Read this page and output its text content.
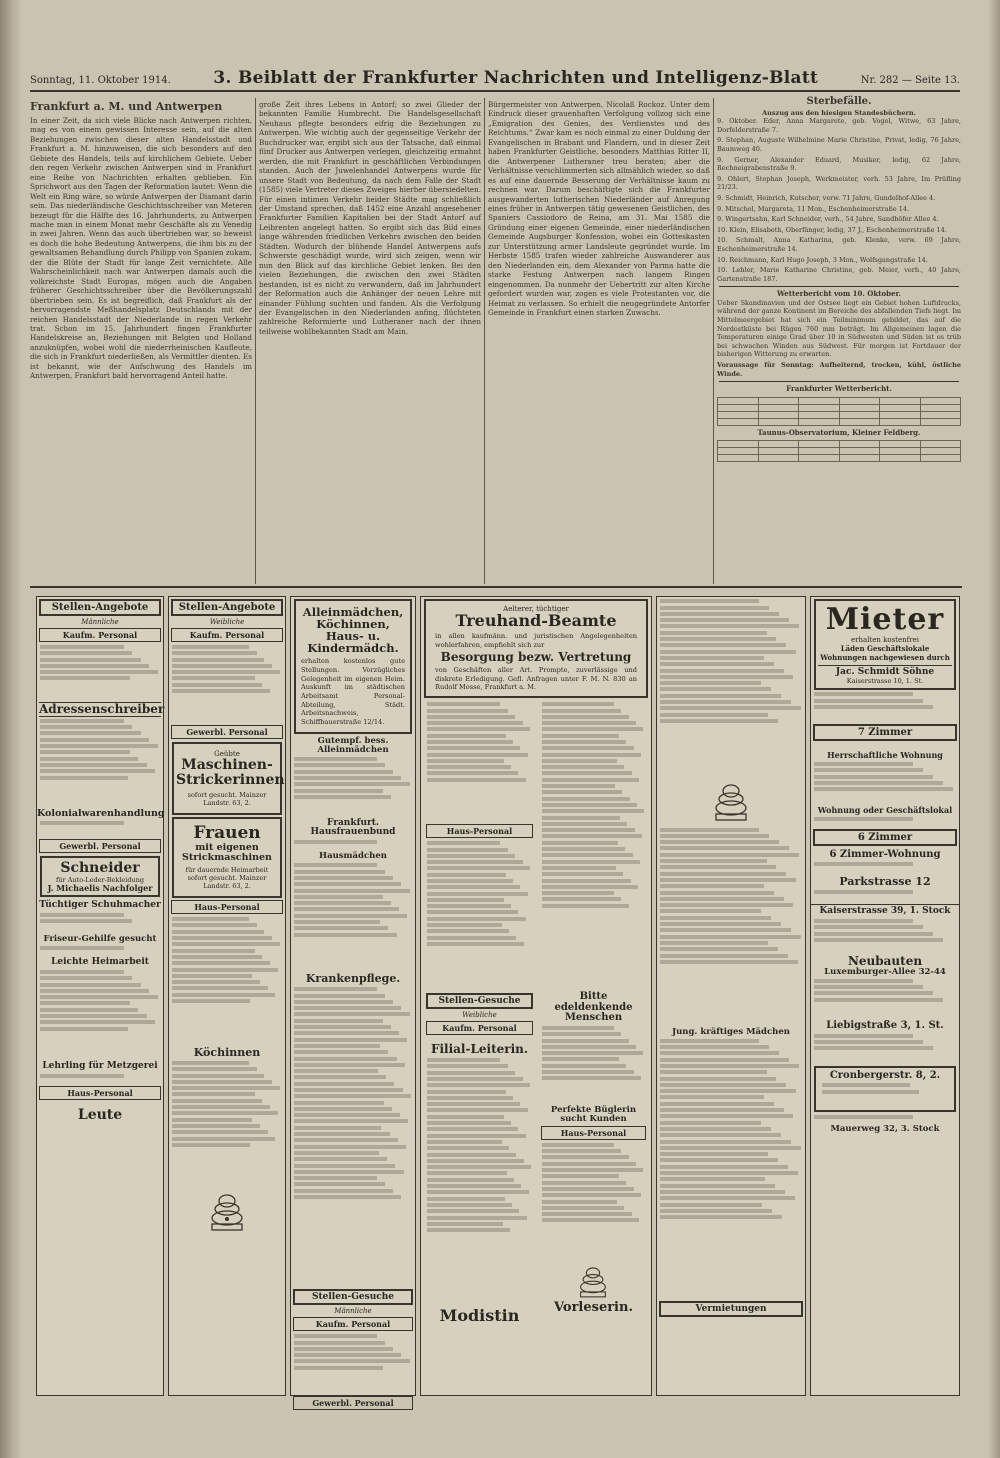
Sonntag, 11. Oktober 1914.	3. Beiblatt der Frankfurter Nachrichten und Intelligenz-Blatt	Nr. 282 — Seite 13.
Frankfurt a. M. und Antwerpen

In einer Zeit, da sich viele Blicke nach Antwerpen richten, mag es von einem gewissen Interesse sein, auf die alten Beziehungen zwischen dieser alten Handelsstadt und Frankfurt a. M. hinzuweisen, die sich besonders auf den Gebiete des Handels, teils auf kirchlichem Gebiete. Ueber den regen Verkehr zwischen Antwerpen sind in Frankfurt eine Reihe von Nachrichten erhalten geblieben. Ein Sprichwort aus den Tagen der Reformation lautet: Wenn die Welt ein Ring wäre, so würde Antwerpen der Diamant darin sein. Das niederländische Geschichtsschreiber van Meteren bezeugt für die Hälfte des 16. Jahrhunderts, zu Antwerpen mache man in einem Monat mehr Geschäfte als zu Venedig in zwei Jahren. Wenn das auch übertrieben war, so beweist es doch die hohe Bedeutung Antwerpens, die ihm bis zu der gewaltsamen Behandlung durch Philipp von Spanien zukam, der die Blüte der Stadt für lange Zeit vernichtete. Alle Wahrscheinlichkeit nach war Antwerpen damals auch die volkreichste Stadt Europas, mögen auch die Angaben früherer Geschichtsschreiber über die Bevölkerungszahl übertrieben sein. Es ist begreiflich, daß Frankfurt als der hervorragendste Meßhandelsplatz Deutschlands mit der reichen Handelsstadt der Niederlande in regen Verkehr trat. Schon im 15. Jahrhundert fingen Frankfurter Handelskreise an, Beziehungen mit Belgien und Holland anzuknüpfen, wobei wohl die niederrheinischen Kaufleute, die sich in Frankfurt niederließen, als Vermittler dienten. Es ist bekannt, wie der Aufschwung des Handels im Antwerpen, Frankfurt bald hervorragend Anteil hatte.

große Zeit ihres Lebens in Antorf; so zwei Glieder der bekannten Familie Humbrecht. Die Handelsgesellschaft Neuhaus pflegte besonders eifrig die Beziehungen zu Antwerpen. Wie wichtig auch der gegenseitige Verkehr der Buchdrucker war, ergibt sich aus der Tatsache, daß einmal fünf Drucker aus Antwerpen verlegen, gleichzeitig ermahnt werden, die mit Frankfurt in geschäftlichen Verbindungen standen. Auch der Juwelenhandel Antwerpens wurde für unsere Stadt von Bedeutung, da nach dem Falle der Stadt (1585) viele Vertreter dieses Zweiges hierher übersiedelten. Für einen intimen Verkehr beider Städte mag schließlich der Umstand sprechen, daß 1452 eine Anzahl angesehener Frankfurter Familien Kapitalien bei der Stadt Antorf auf Leibrenten angelegt hatten. So ergibt sich das Bild eines lange währenden friedlichen Verkehrs zwischen den beiden Städten. Wodurch der blühende Handel Antwerpens aufs Schwerste geschädigt wurde, wird sich zeigen, wenn wir nun den Blick auf das kirchliche Gebiet lenken. Bei den vielen Beziehungen, die zwischen den zwei Städten bestanden, ist es nicht zu verwundern, daß im Jahrhundert der Reformation auch die Anhänger der neuen Lehre mit einander Fühlung suchten und fanden. Als die Verfolgung der Evangelischen in den Niederlanden anfing, flüchteten zahlreiche Reformierte und Lutheraner nach der ihnen teilweise wohlbekannten Stadt am Main.

Bürgermeister von Antwerpen, Nicolaß Rockoz. Unter dem Eindruck dieser grauenhaften Verfolgung vollzog sich eine „Emigration des Genies, des Verdienstes und des Reichtums.“ Zwar kam es noch einmal zu einer Duldung der Evangelischen in Brabant und Flandern, und in dieser Zeit haben Frankfurter Geistliche, besonders Matthias Ritter II, die Antwerpener Lutheraner treu beraten; aber die Verhältnisse verschlimmerten sich allmählich wieder, so daß es auf eine dauernde Besserung der Verhältnisse kaum zu rechnen war. Darum beschäftigte sich die Frankfurter ausgewanderten lutherischen Niederländer auf Anregung eines früher in Antwerpen tätig gewesenen Geistlichen, des Spaniers Cassiodoro de Reina, am 31. Mai 1585 die Gründung einer eigenen Gemeinde, einer niederländischen Gemeinde Augsburger Konfession, wobei ein Gotteskasten zur Unterstützung armer Landsleute gegründet wurde. Im Herbste 1585 trafen wieder zahlreiche Auswanderer aus den Niederlanden ein, dem Alexander von Parma hatte die starke Festung Antwerpen nach langem Ringen eingenommen. Da nunmehr der Uebertritt zur alten Kirche gefordert wurden war, zogen es viele Protestanten vor, die Heimat zu verlassen. So erhielt die neugegründete Antorfer Gemeinde in Frankfurt einen starken Zuwachs.

Sterbefälle.
Auszug aus den hiesigen Standesbüchern.

9. Oktober. Eder, Anna Margarete, geb. Vogel, Witwe, 63 Jahre, Dorfelderstraße 7.

9. Stephan, Auguste Wilhelmine Marie Christine, Privat, ledig, 76 Jahre, Baumweg 40.

9. Gerner, Alexander Eduard, Musiker, ledig, 62 Jahre, Rechneigrabenstraße 9.

9. Ohlert, Stephan Joseph, Werkmeister, verh. 53 Jahre, Im Prüfling 21/23.

9. Schmidt, Heinrich, Kutscher, verw. 71 Jahre, Gundelhof-Allee 4.

9. Mitschel, Margareta, 11 Mon., Eschenheimerstraße 14.

9. Wingertsahn, Karl Schneider, verh., 54 Jahre, Sandhöfer Allee 4.

10. Klein, Elisabeth, Oberfänger, ledig, 37 J., Eschenheimerstraße 14.

10. Schmalt, Anna Katharina, geb. Klenke, verw. 69 Jahre, Eschenheimerstraße 14.

10. Reichmann, Karl Hugo Joseph, 3 Mon., Wolfsgangstraße 14.

10. Lehler, Marie Katharine Christine, geb. Meier, verh., 40 Jahre, Gartenstraße 187.

Wetterbericht vom 10. Oktober.

Ueber Skandinavien und der Ostsee liegt ein Gebiet hohen Luftdrucks, während der ganze Kontinent im Bereiche des abfallenden Tiefs liegt. Im Mittelmeergebiet hat sich ein Teilminimum gebildet, das auf die Nordostküste bei Rügen 760 mm beträgt. Im Allgemeinen lagen die Temperaturen einige Grad über 10 in Südwesten und Süden ist es trüb bei schwachen Winden aus Südwest. Für morgen ist Fortdauer der bisherigen Witterung zu erwarten.

Voraussage für Sonntag: Aufheiternd, trocken, kühl, östliche Winde.

Frankfurter Wetterbericht.

Taunus-Observatorium, Kleiner Feldberg.

Stellen-Angebote
Männliche
Kaufm. Personal
Adressenschreiber
Kolonialwarenhandlung
Gewerbl. Personal
Schneider
für Auto-Leder-Bekleidung
J. Michaelis Nachfolger
Tüchtiger Schuhmacher
Friseur-Gehilfe gesucht
Leichte Heimarbeit
Lehrling für Metzgerei
Haus-Personal
Leute
Stellen-Angebote
Weibliche
Kaufm. Personal
Gewerbl. Personal
Geübte
Maschinen-Strickerinnen
sofort gesucht. Mainzer Landstr. 63, 2.
Frauen
mit eigenen Strickmaschinen
für dauernde Heimarbeit sofort gesucht. Mainzer Landstr. 63, 2.
Haus-Personal
Köchinnen
Alleinmädchen, Köchinnen, Haus- u. Kindermädch.
erhalten kostenlos gute Stellungen. Vorzügliches Gelegenheit im eigenen Heim. Auskunft im städtischen Arbeitsamt Personal-Abteilung, Städt. Arbeitsnachweis, Schiffbauerstraße 12/14.
Gutempf. bess. Alleinmädchen
Frankfurt. Hausfrauenbund
Hausmädchen
Krankenpflege.
Stellen-Gesuche
Männliche
Kaufm. Personal
Gewerbl. Personal
Aelterer, tüchtiger
Treuhand-Beamte
in allen kaufmänn. und juristischen Angelegenheiten wohlerfahren, empfiehlt sich zur
Besorgung bezw. Vertretung
von Geschäften aller Art. Prompte, zuverlässige und diskrete Erledigung. Gefl. Anfragen unter F. M. N. 830 an Rudolf Mosse, Frankfurt a. M.
Haus-Personal
Stellen-Gesuche
Weibliche
Kaufm. Personal
Filial-Leiterin.
Modistin
Bitte edeldenkende Menschen
Perfekte Büglerin sucht Kunden
Haus-Personal
Vorleserin.
Jung. kräftiges Mädchen
Vermietungen
Mieter
erhalten kostenfrei
Läden Geschäftslokale Wohnungen nachgewiesen durch
Jac. Schmidt Söhne
Kaiserstrasse 10, 1. St.
7 Zimmer
Herrschaftliche Wohnung
Wohnung oder Geschäftslokal
6 Zimmer
6 Zimmer-Wohnung
Parkstrasse 12
Kaiserstrasse 39, 1. Stock
Neubauten
Luxemburger-Allee 32-44
Liebigstraße 3, 1. St.
Cronbergerstr. 8, 2.
Mauerweg 32, 3. Stock
